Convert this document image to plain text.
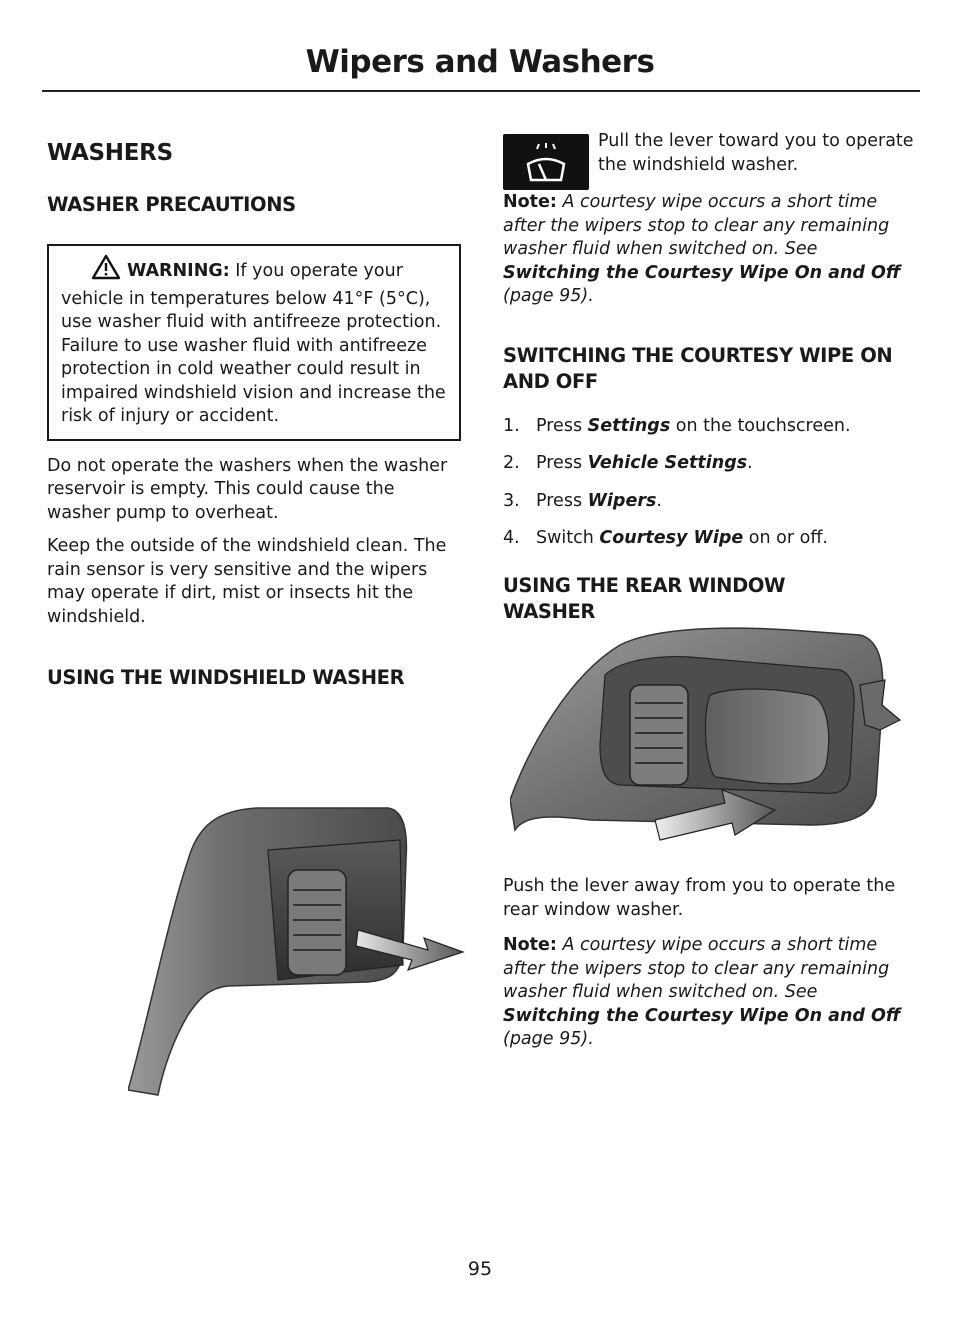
Wipers and Washers
WASHERS
WASHER PRECAUTIONS

WARNING: If you operate your vehicle in temperatures below 41°F (5°C), use washer fluid with antifreeze protection. Failure to use washer fluid with antifreeze protection in cold weather could result in impaired windshield vision and increase the risk of injury or accident.

Do not operate the washers when the washer reservoir is empty. This could cause the washer pump to overheat.

Keep the outside of the windshield clean. The rain sensor is very sensitive and the wipers may operate if dirt, mist or insects hit the windshield.

USING THE WINDSHIELD WASHER

Pull the lever toward you to operate the windshield washer.

Note: A courtesy wipe occurs a short time after the wipers stop to clear any remaining washer fluid when switched on. See Switching the Courtesy Wipe On and Off (page 95).

SWITCHING THE COURTESY WIPE ON AND OFF
1. Press Settings on the touchscreen.
2. Press Vehicle Settings.
3. Press Wipers.
4. Switch Courtesy Wipe on or off.
USING THE REAR WINDOW WASHER

Push the lever away from you to operate the rear window washer.

Note: A courtesy wipe occurs a short time after the wipers stop to clear any remaining washer fluid when switched on. See Switching the Courtesy Wipe On and Off (page 95).

95
